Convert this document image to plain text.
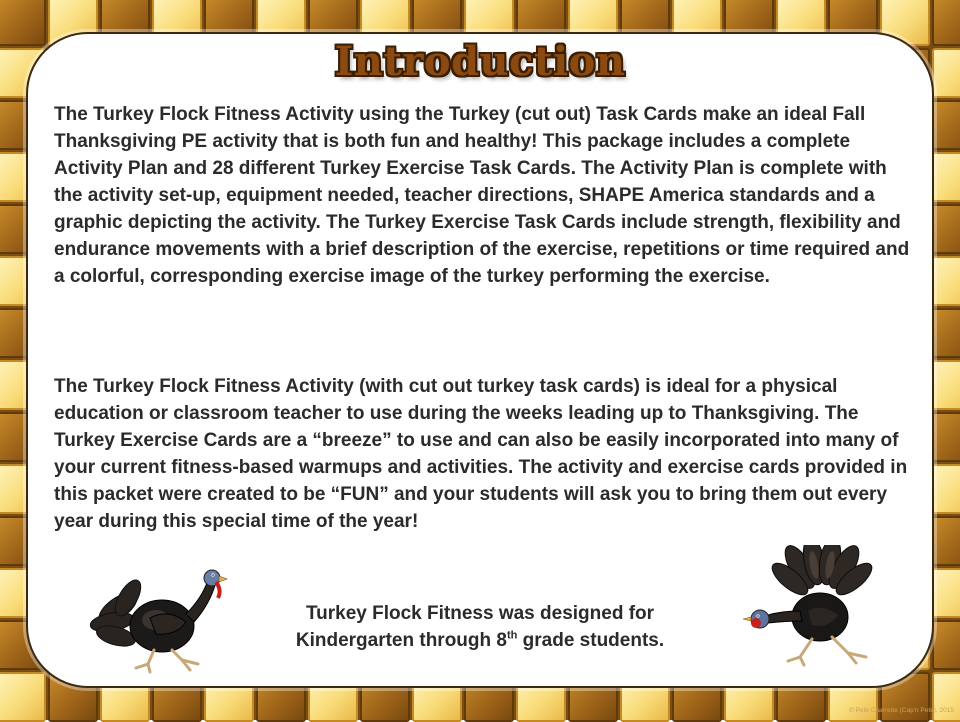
Introduction

The Turkey Flock Fitness Activity using the Turkey (cut out) Task Cards make an ideal Fall Thanksgiving PE activity that is both fun and healthy! This package includes a complete Activity Plan and 28 different Turkey Exercise Task Cards. The Activity Plan is complete with the activity set-up, equipment needed, teacher directions, SHAPE America standards and a graphic depicting the activity. The Turkey Exercise Task Cards include strength, flexibility and endurance movements with a brief description of the exercise, repetitions or time required and a colorful, corresponding exercise image of the turkey performing the exercise.

The Turkey Flock Fitness Activity (with cut out turkey task cards) is ideal for a physical education or classroom teacher to use during the weeks leading up to Thanksgiving. The Turkey Exercise Cards are a “breeze” to use and can also be easily incorporated into many of your current fitness-based warmups and activities. The activity and exercise cards provided in this packet were created to be “FUN” and your students will ask you to bring them out every year during this special time of the year!

Turkey Flock Fitness was designed for
Kindergarten through 8th grade students.
© Pete Charrette (Cap'n Pete), 2015
